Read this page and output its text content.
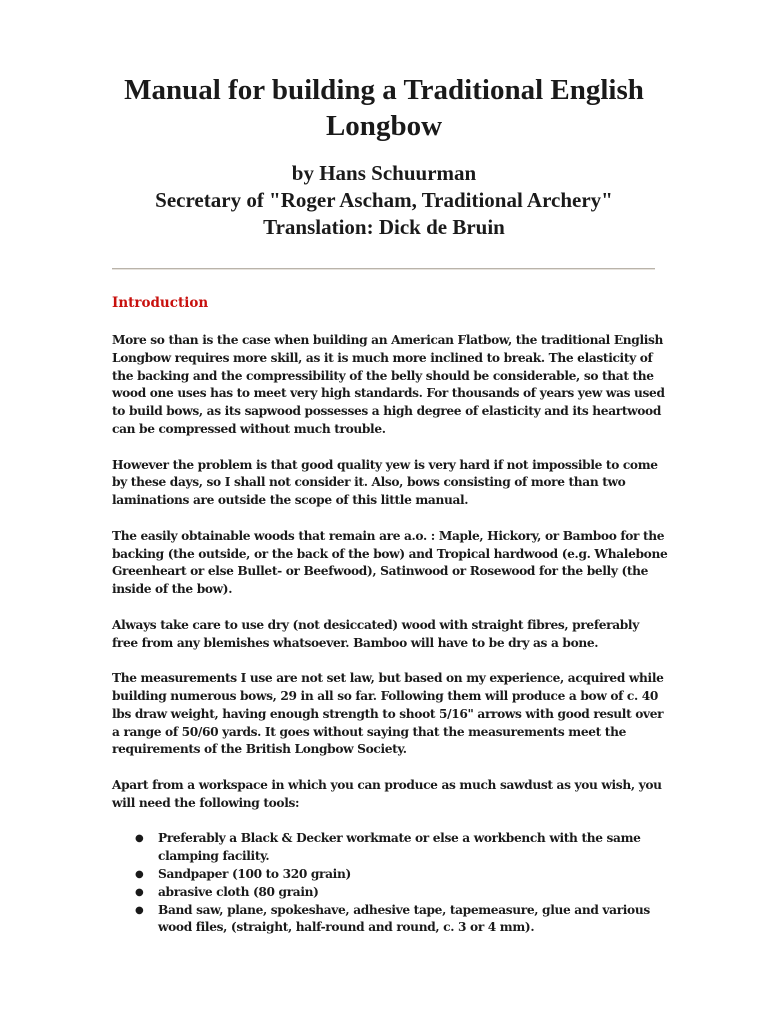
Manual for building a Traditional English Longbow
by Hans Schuurman
Secretary of "Roger Ascham, Traditional Archery"
Translation: Dick de Bruin
Introduction

More so than is the case when building an American Flatbow, the traditional English Longbow requires more skill, as it is much more inclined to break. The elasticity of the backing and the compressibility of the belly should be considerable, so that the wood one uses has to meet very high standards. For thousands of years yew was used to build bows, as its sapwood possesses a high degree of elasticity and its heartwood can be compressed without much trouble.

However the problem is that good quality yew is very hard if not impossible to come by these days, so I shall not consider it. Also, bows consisting of more than two laminations are outside the scope of this little manual.

The easily obtainable woods that remain are a.o. : Maple, Hickory, or Bamboo for the backing (the outside, or the back of the bow) and Tropical hardwood (e.g. Whalebone Greenheart or else Bullet- or Beefwood), Satinwood or Rosewood for the belly (the inside of the bow).

Always take care to use dry (not desiccated) wood with straight fibres, preferably free from any blemishes whatsoever. Bamboo will have to be dry as a bone.

The measurements I use are not set law, but based on my experience, acquired while building numerous bows, 29 in all so far. Following them will produce a bow of c. 40 lbs draw weight, having enough strength to shoot 5/16" arrows with good result over a range of 50/60 yards. It goes without saying that the measurements meet the requirements of the British Longbow Society.

Apart from a workspace in which you can produce as much sawdust as you wish, you will need the following tools:

● Preferably a Black & Decker workmate or else a workbench with the same clamping facility.
● Sandpaper (100 to 320 grain)
● abrasive cloth (80 grain)
● Band saw, plane, spokeshave, adhesive tape, tapemeasure, glue and various wood files, (straight, half-round and round, c. 3 or 4 mm).
